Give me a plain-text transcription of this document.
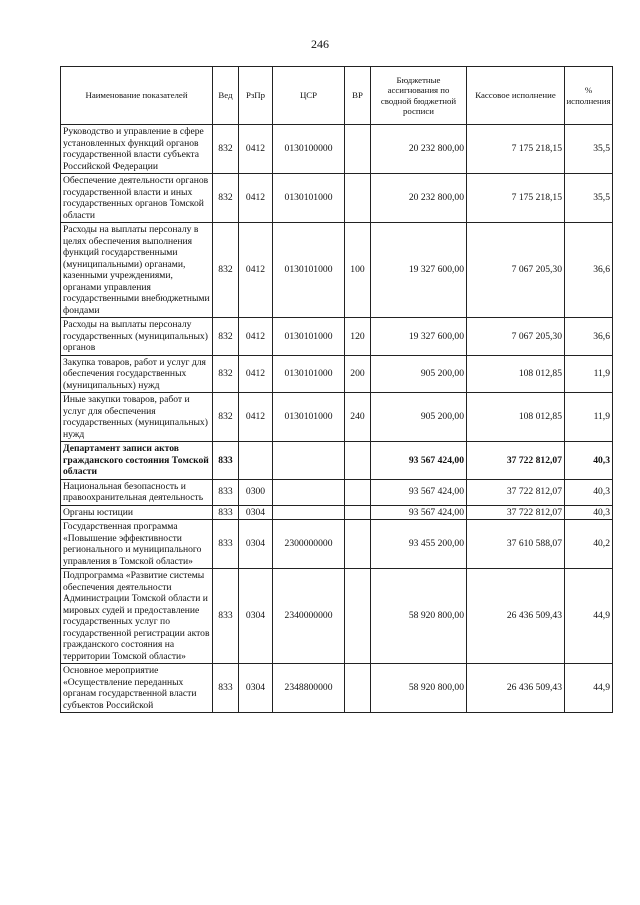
246
Наименование показателей	Вед	РзПр	ЦСР	ВР	Бюджетные ассигнования по сводной бюджетной росписи	Кассовое исполнение	% исполнения
Руководство и управление в сфере установленных функций органов государственной власти субъекта Российской Федерации	832	0412	0130100000		20 232 800,00	7 175 218,15	35,5
Обеспечение деятельности органов государственной власти и иных государственных органов Томской области	832	0412	0130101000		20 232 800,00	7 175 218,15	35,5
Расходы на выплаты персоналу в целях обеспечения выполнения функций государственными (муниципальными) органами, казенными учреждениями, органами управления государственными внебюджетными фондами	832	0412	0130101000	100	19 327 600,00	7 067 205,30	36,6
Расходы на выплаты персоналу государственных (муниципальных) органов	832	0412	0130101000	120	19 327 600,00	7 067 205,30	36,6
Закупка товаров, работ и услуг для обеспечения государственных (муниципальных) нужд	832	0412	0130101000	200	905 200,00	108 012,85	11,9
Иные закупки товаров, работ и услуг для обеспечения государственных (муниципальных) нужд	832	0412	0130101000	240	905 200,00	108 012,85	11,9
Департамент записи актов гражданского состояния Томской области	833				93 567 424,00	37 722 812,07	40,3
Национальная безопасность и правоохранительная деятельность	833	0300			93 567 424,00	37 722 812,07	40,3
Органы юстиции	833	0304			93 567 424,00	37 722 812,07	40,3
Государственная программа «Повышение эффективности регионального и муниципального управления в Томской области»	833	0304	2300000000		93 455 200,00	37 610 588,07	40,2
Подпрограмма «Развитие системы обеспечения деятельности Администрации Томской области и мировых судей и предоставление государственных услуг по государственной регистрации актов гражданского состояния на территории Томской области»	833	0304	2340000000		58 920 800,00	26 436 509,43	44,9
Основное мероприятие «Осуществление переданных органам государственной власти субъектов Российской	833	0304	2348800000		58 920 800,00	26 436 509,43	44,9
